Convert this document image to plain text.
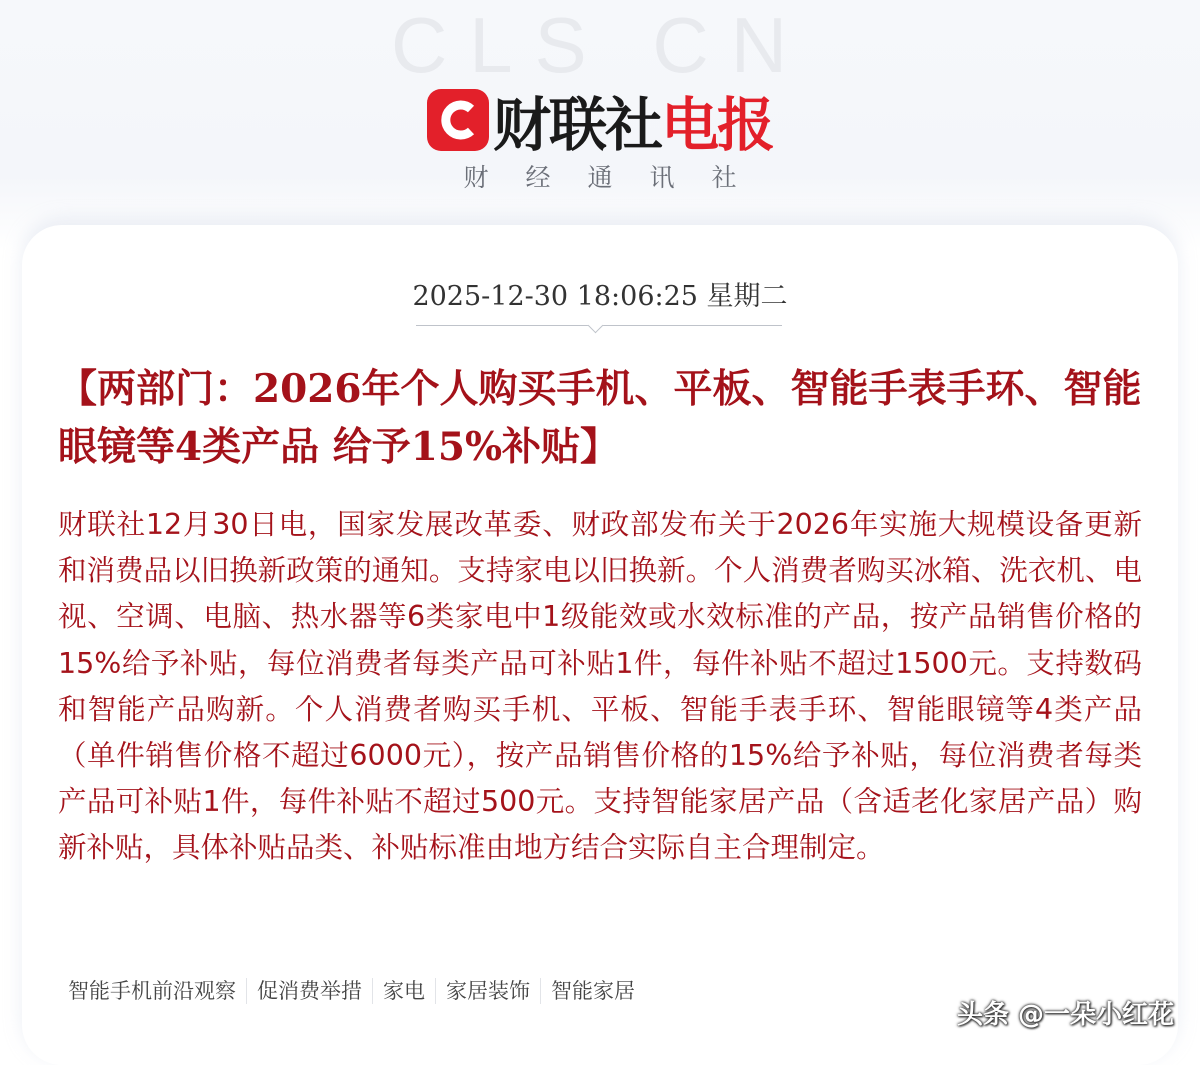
CLS CN
财联社电报
财经通讯社
2025-12-30 18:06:25 星期二
【两部门：2026年个人购买手机、平板、智能手表手环、智能眼镜等4类产品 给予15%补贴】
财联社12月30日电，国家发展改革委、财政部发布关于2026年实施大规模设备更新和消费品以旧换新政策的通知。支持家电以旧换新。个人消费者购买冰箱、洗衣机、电视、空调、电脑、热水器等6类家电中1级能效或水效标准的产品，按产品销售价格的15%给予补贴，每位消费者每类产品可补贴1件，每件补贴不超过1500元。支持数码和智能产品购新。个人消费者购买手机、平板、智能手表手环、智能眼镜等4类产品（单件销售价格不超过6000元），按产品销售价格的15%给予补贴，每位消费者每类产品可补贴1件，每件补贴不超过500元。支持智能家居产品（含适老化家居产品）购新补贴，具体补贴品类、补贴标准由地方结合实际自主合理制定。
智能手机前沿观察	促消费举措	家电	家居装饰	智能家居
头条 @一朵小红花
